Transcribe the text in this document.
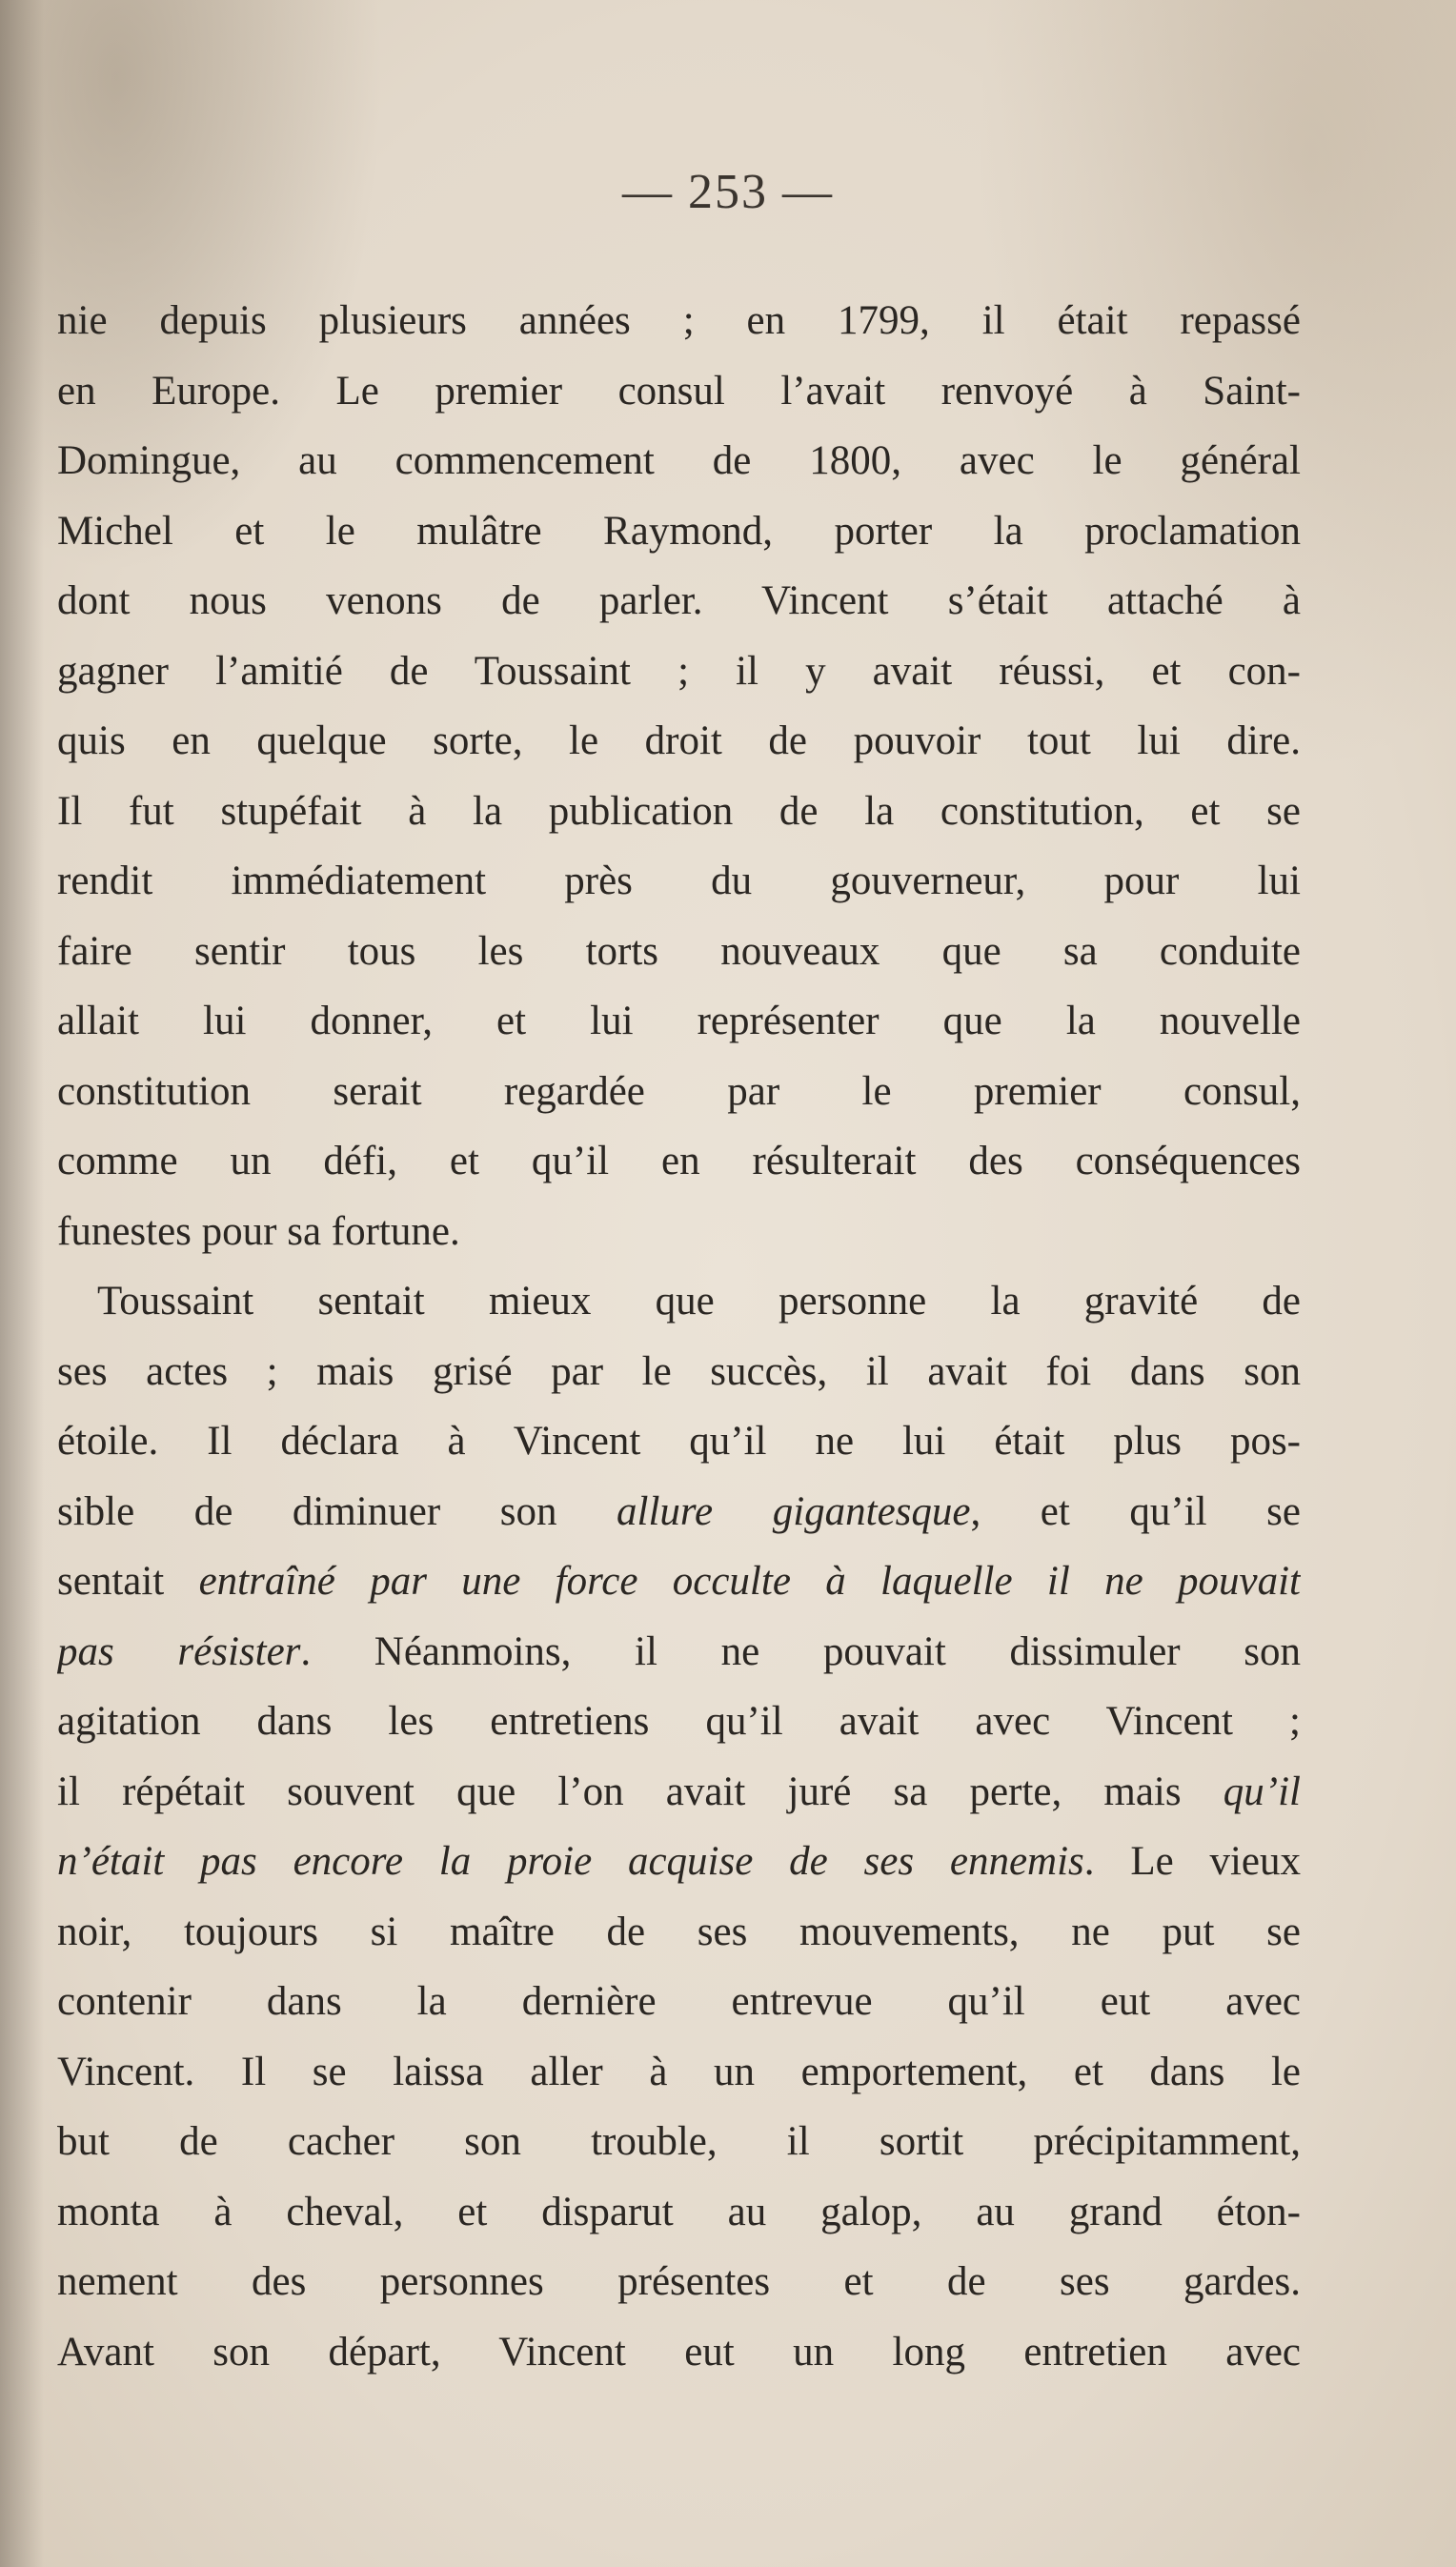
— 253 —
nie depuis plusieurs années ; en 1799, il était repassé
en Europe. Le premier consul l’avait renvoyé à Saint-
Domingue, au commencement de 1800, avec le général
Michel et le mulâtre Raymond, porter la proclamation
dont nous venons de parler. Vincent s’était attaché à
gagner l’amitié de Toussaint ; il y avait réussi, et con-
quis en quelque sorte, le droit de pouvoir tout lui dire.
Il fut stupéfait à la publication de la constitution, et se
rendit immédiatement près du gouverneur, pour lui
faire sentir tous les torts nouveaux que sa conduite
allait lui donner, et lui représenter que la nouvelle
constitution serait regardée par le premier consul,
comme un défi, et qu’il en résulterait des conséquences
funestes pour sa fortune.
Toussaint sentait mieux que personne la gravité de
ses actes ; mais grisé par le succès, il avait foi dans son
étoile. Il déclara à Vincent qu’il ne lui était plus pos-
sible de diminuer son allure gigantesque, et qu’il se
sentait entraîné par une force occulte à laquelle il ne pouvait
pas résister. Néanmoins, il ne pouvait dissimuler son
agitation dans les entretiens qu’il avait avec Vincent ;
il répétait souvent que l’on avait juré sa perte, mais qu’il
n’était pas encore la proie acquise de ses ennemis. Le vieux
noir, toujours si maître de ses mouvements, ne put se
contenir dans la dernière entrevue qu’il eut avec
Vincent. Il se laissa aller à un emportement, et dans le
but de cacher son trouble, il sortit précipitamment,
monta à cheval, et disparut au galop, au grand éton-
nement des personnes présentes et de ses gardes.
Avant son départ, Vincent eut un long entretien avec
